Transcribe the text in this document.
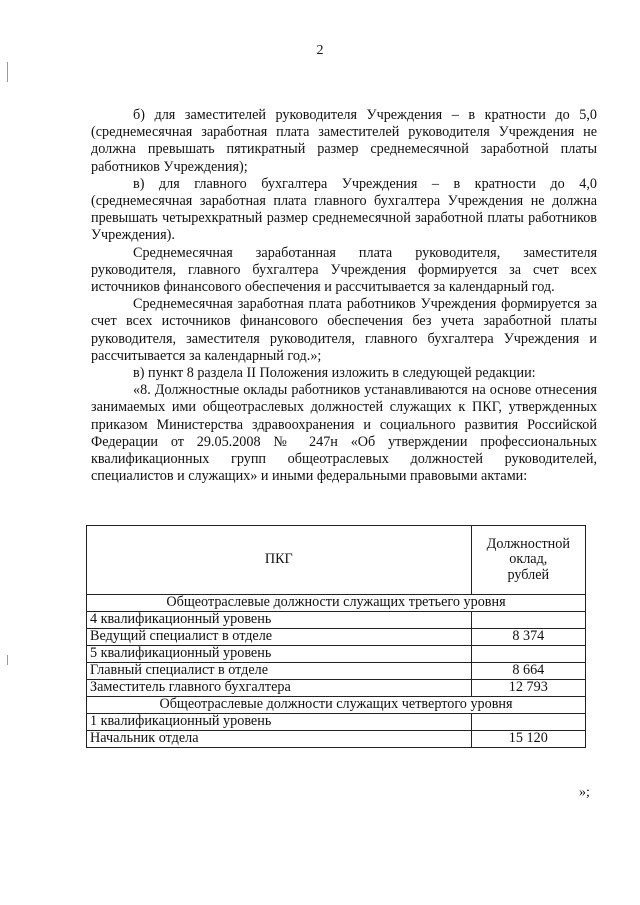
2

б) для заместителей руководителя Учреждения – в кратности до 5,0 (среднемесячная заработная плата заместителей руководителя Учреждения не должна превышать пятикратный размер среднемесячной заработной платы работников Учреждения);

в) для главного бухгалтера Учреждения – в кратности до 4,0 (среднемесячная заработная плата главного бухгалтера Учреждения не должна превышать четырехкратный размер среднемесячной заработной платы работников Учреждения).

Среднемесячная заработанная плата руководителя, заместителя руководителя, главного бухгалтера Учреждения формируется за счет всех источников финансового обеспечения и рассчитывается за календарный год.

Среднемесячная заработная плата работников Учреждения формируется за счет всех источников финансового обеспечения без учета заработной платы руководителя, заместителя руководителя, главного бухгалтера Учреждения и рассчитывается за календарный год.»;

в) пункт 8 раздела II Положения изложить в следующей редакции:

«8. Должностные оклады работников устанавливаются на основе отнесения занимаемых ими общеотраслевых должностей служащих к ПКГ, утвержденных приказом Министерства здравоохранения и социального развития Российской Федерации от 29.05.2008 № 247н «Об утверждении профессиональных квалификационных групп общеотраслевых должностей руководителей, специалистов и служащих» и иными федеральными правовыми актами:

ПКГ	Должностной
оклад,
рублей
Общеотраслевые должности служащих третьего уровня	
4 квалификационный уровень	
Ведущий специалист в отделе	8 374
5 квалификационный уровень	
Главный специалист в отделе	8 664
Заместитель главного бухгалтера	12 793
Общеотраслевые должности служащих четвертого уровня	
1 квалификационный уровень	
Начальник отдела	15 120
»;
